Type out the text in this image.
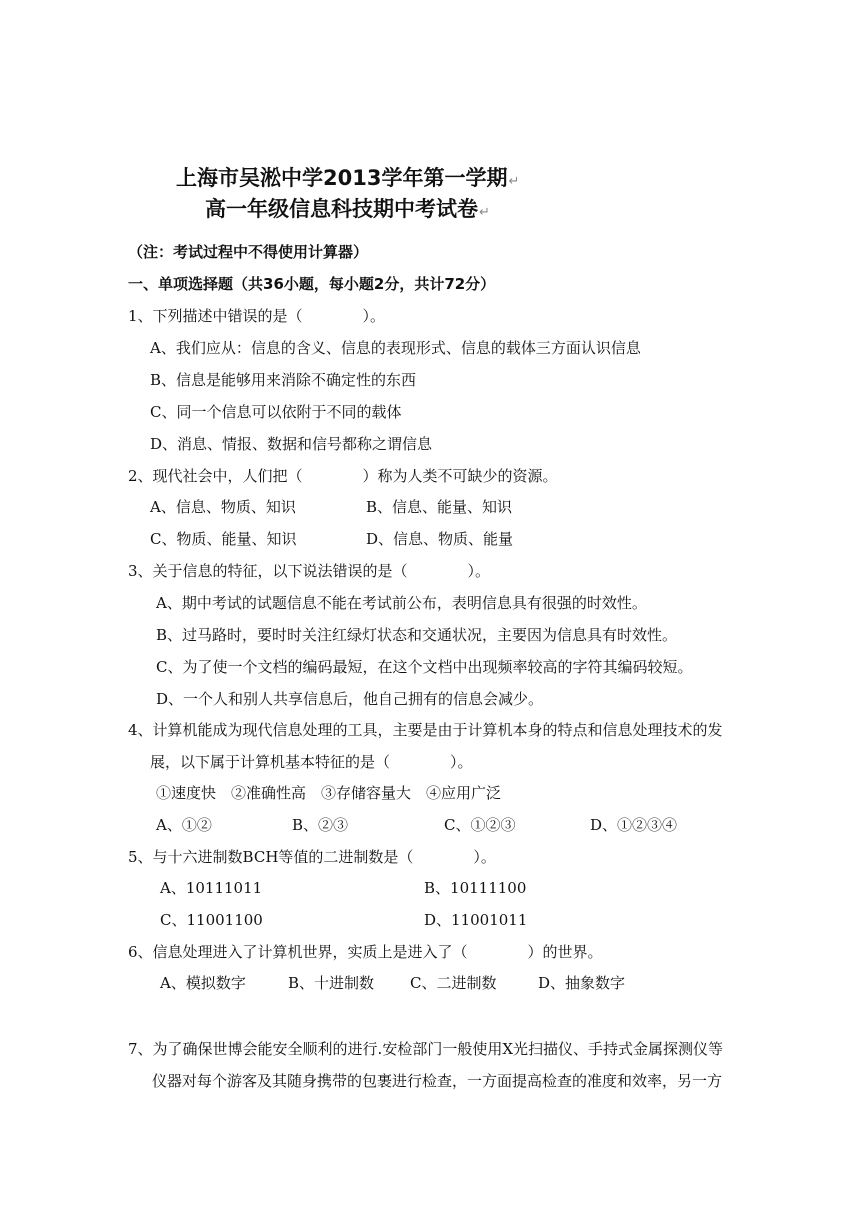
上海市吴淞中学2013学年第一学期↵
高一年级信息科技期中考试卷↵
（注：考试过程中不得使用计算器）
一、单项选择题（共36小题，每小题2分，共计72分）
1、下列描述中错误的是（　　　　）。
A、我们应从：信息的含义、信息的表现形式、信息的载体三方面认识信息
B、信息是能够用来消除不确定性的东西
C、同一个信息可以依附于不同的载体
D、消息、情报、数据和信号都称之谓信息
2、现代社会中，人们把（　　　　）称为人类不可缺少的资源。
A、信息、物质、知识	B、信息、能量、知识
C、物质、能量、知识	D、信息、物质、能量
3、关于信息的特征，以下说法错误的是（　　　　）。
A、期中考试的试题信息不能在考试前公布，表明信息具有很强的时效性。
B、过马路时，要时时关注红绿灯状态和交通状况，主要因为信息具有时效性。
C、为了使一个文档的编码最短，在这个文档中出现频率较高的字符其编码较短。
D、一个人和别人共享信息后，他自己拥有的信息会减少。
4、计算机能成为现代信息处理的工具，主要是由于计算机本身的特点和信息处理技术的发
展，以下属于计算机基本特征的是（　　　　）。
①速度快　②准确性高　③存储容量大　④应用广泛
A、①②	B、②③	C、①②③	D、①②③④
5、与十六进制数BCH等值的二进制数是（　　　　）。
A、10111011	B、10111100
C、11001100	D、11001011
6、信息处理进入了计算机世界，实质上是进入了（　　　　）的世界。
A、模拟数字	B、十进制数 C、二进制数	D、抽象数字
7、为了确保世博会能安全顺利的进行.安检部门一般使用X光扫描仪、手持式金属探测仪等
仪器对每个游客及其随身携带的包裹进行检查，一方面提高检查的准度和效率，另一方
